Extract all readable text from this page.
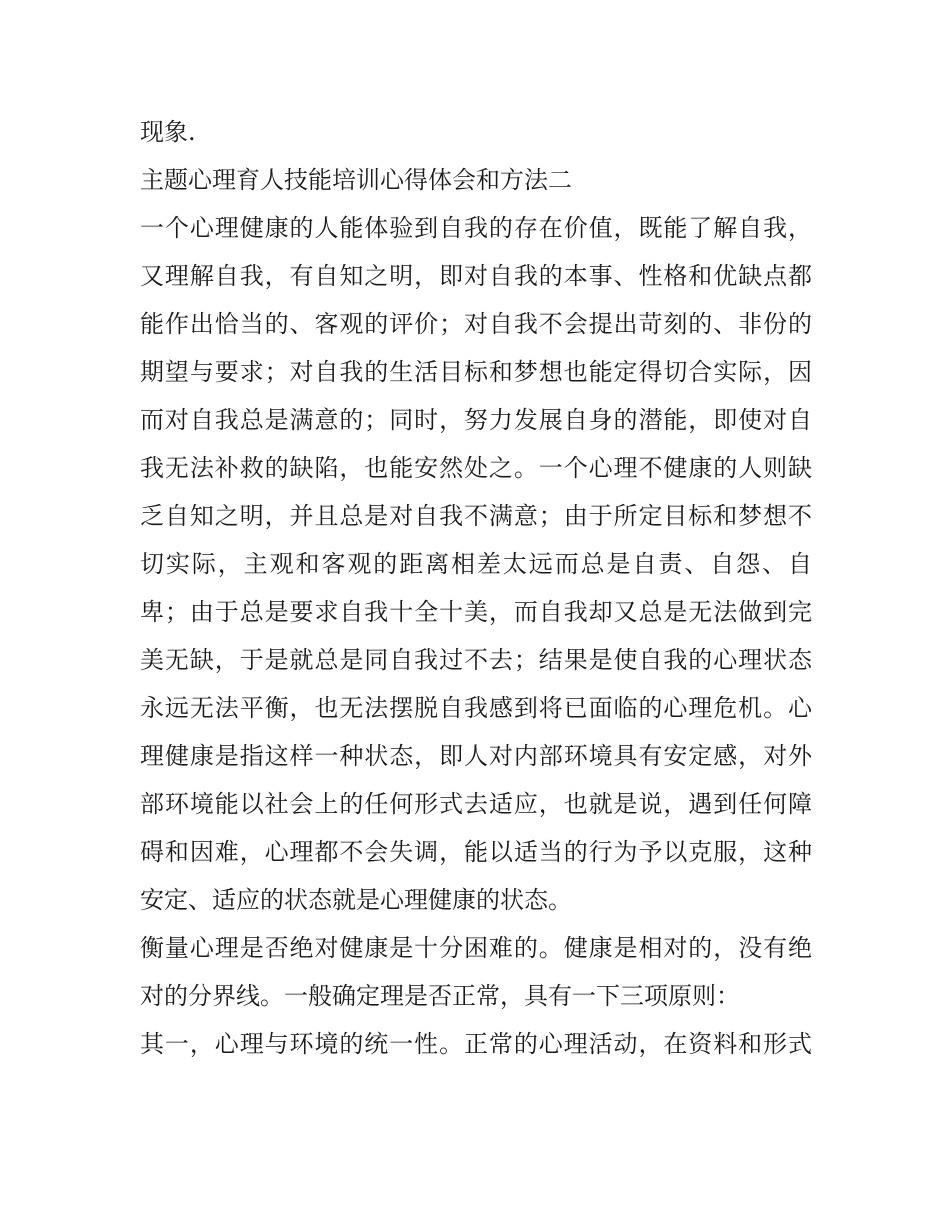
现象.
主题心理育人技能培训心得体会和方法二
一个心理健康的人能体验到自我的存在价值，既能了解自我，
又理解自我，有自知之明，即对自我的本事、性格和优缺点都
能作出恰当的、客观的评价；对自我不会提出苛刻的、非份的
期望与要求；对自我的生活目标和梦想也能定得切合实际，因
而对自我总是满意的；同时，努力发展自身的潜能，即使对自
我无法补救的缺陷，也能安然处之。一个心理不健康的人则缺
乏自知之明，并且总是对自我不满意；由于所定目标和梦想不
切实际，主观和客观的距离相差太远而总是自责、自怨、自
卑；由于总是要求自我十全十美，而自我却又总是无法做到完
美无缺，于是就总是同自我过不去；结果是使自我的心理状态
永远无法平衡，也无法摆脱自我感到将已面临的心理危机。心
理健康是指这样一种状态，即人对内部环境具有安定感，对外
部环境能以社会上的任何形式去适应，也就是说，遇到任何障
碍和因难，心理都不会失调，能以适当的行为予以克服，这种
安定、适应的状态就是心理健康的状态。
衡量心理是否绝对健康是十分困难的。健康是相对的，没有绝
对的分界线。一般确定理是否正常，具有一下三项原则：
其一，心理与环境的统一性。正常的心理活动，在资料和形式
